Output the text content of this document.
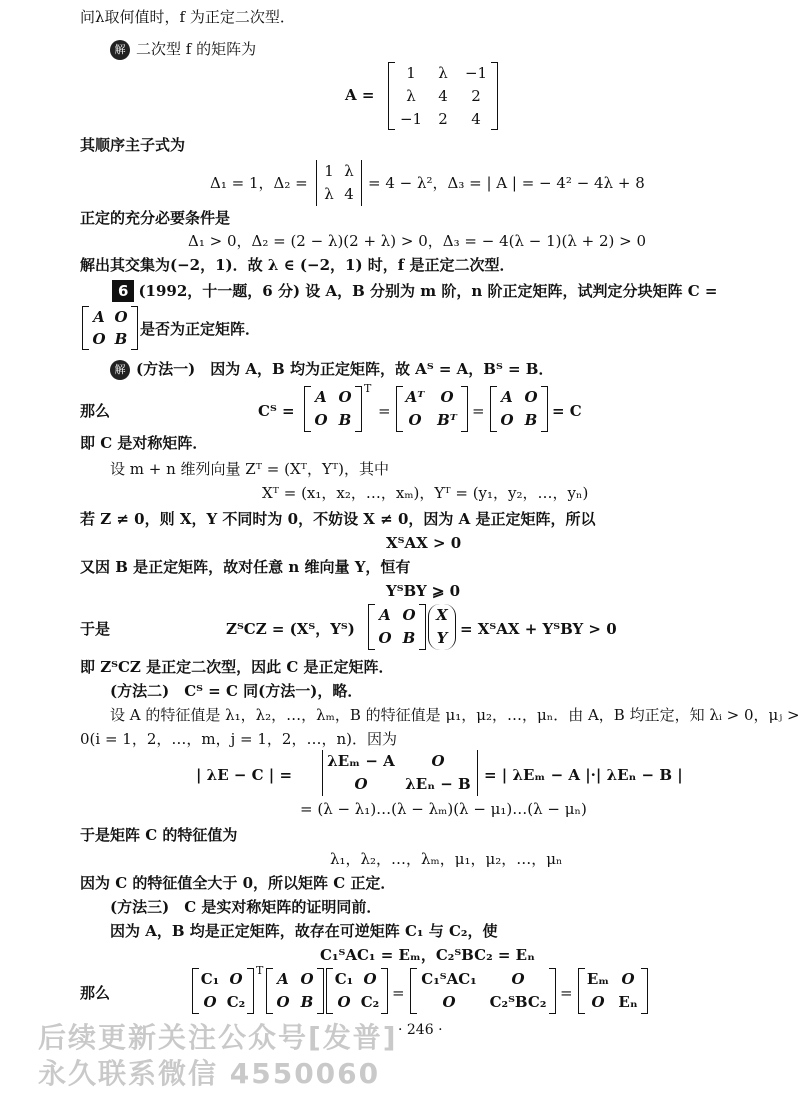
问λ取何值时，f 为正定二次型．
解 二次型 f 的矩阵为
A =
1	λ	−1
λ	4	2
−1	2	4
其顺序主子式为
Δ₁ = 1，Δ₂ =
1 λ
λ 4
= 4 − λ²，Δ₃ = | A | = − 4² − 4λ + 8
正定的充分必要条件是
Δ₁ > 0，Δ₂ = (2 − λ)(2 + λ) > 0，Δ₃ = − 4(λ − 1)(λ + 2) > 0
解出其交集为(−2，1)．故 λ ∈ (−2，1) 时，f 是正定二次型．
6 (1992，十一题，6 分) 设 A，B 分别为 m 阶，n 阶正定矩阵，试判定分块矩阵 C =
A O
O B
是否为正定矩阵．
解 (方法一)　因为 A，B 均为正定矩阵，故 Aᵀ = A，Bᵀ = B．
那么	Cᵀ =
A O
O B
T
=
Aᵀ	O
O	Bᵀ =
A O
O B = C
即 C 是对称矩阵．
设 m + n 维列向量 Zᵀ = (Xᵀ，Yᵀ)，其中
Xᵀ = (x₁，x₂，…，xₘ)，Yᵀ = (y₁，y₂，…，yₙ)
若 Z ≠ 0，则 X，Y 不同时为 0，不妨设 X ≠ 0，因为 A 是正定矩阵，所以
XᵀAX > 0
又因 B 是正定矩阵，故对任意 n 维向量 Y，恒有
YᵀBY ⩾ 0
于是	ZᵀCZ = (Xᵀ，Yᵀ)
A O
O B
X
Y = XᵀAX + YᵀBY > 0
即 ZᵀCZ 是正定二次型，因此 C 是正定矩阵．
(方法二)　Cᵀ = C 同(方法一)，略．
设 A 的特征值是 λ₁，λ₂，…，λₘ，B 的特征值是 μ₁，μ₂，…，μₙ．由 A，B 均正定，知 λᵢ > 0，μⱼ >
0(i = 1，2，…，m，j = 1，2，…，n)．因为
| λE − C | =
λEₘ − A	O
O	λEₙ − B = | λEₘ − A |·| λEₙ − B |
= (λ − λ₁)…(λ − λₘ)(λ − μ₁)…(λ − μₙ)
于是矩阵 C 的特征值为
λ₁，λ₂，…，λₘ，μ₁，μ₂，…，μₙ
因为 C 的特征值全大于 0，所以矩阵 C 正定．
(方法三)　C 是实对称矩阵的证明同前．
因为 A，B 均是正定矩阵，故存在可逆矩阵 C₁ 与 C₂，使
C₁ᵀAC₁ = Eₘ，C₂ᵀBC₂ = Eₙ
那么
C₁ O
O C₂
T A O
O B
C₁ O
O C₂ =
C₁ᵀAC₁	O
O	C₂ᵀBC₂ =
Eₘ O
O Eₙ
· 246 ·
后续更新关注公众号[发普]
永久联系微信 4550060
